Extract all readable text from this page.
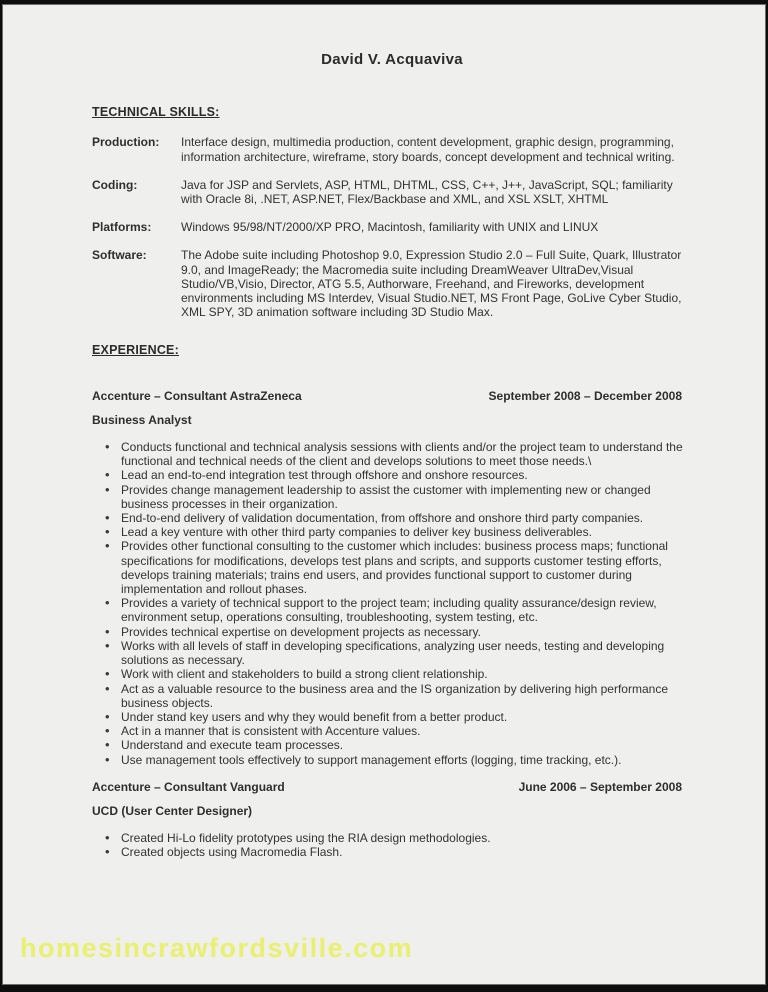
David V. Acquaviva
TECHNICAL SKILLS:
Production:	Interface design, multimedia production, content development, graphic design, programming, information architecture, wireframe, story boards, concept development and technical writing.
Coding:	Java for JSP and Servlets, ASP, HTML, DHTML, CSS, C++, J++, JavaScript, SQL; familiarity with Oracle 8i, .NET, ASP.NET, Flex/Backbase and XML, and XSL XSLT, XHTML
Platforms:	Windows 95/98/NT/2000/XP PRO, Macintosh, familiarity with UNIX and LINUX
Software:	The Adobe suite including Photoshop 9.0, Expression Studio 2.0 – Full Suite, Quark, Illustrator 9.0, and ImageReady; the Macromedia suite including DreamWeaver UltraDev,Visual Studio/VB,Visio, Director, ATG 5.5, Authorware, Freehand, and Fireworks, development environments including MS Interdev, Visual Studio.NET, MS Front Page, GoLive Cyber Studio, XML SPY, 3D animation software including 3D Studio Max.
EXPERIENCE:
Accenture – Consultant AstraZeneca	September 2008 – December 2008
Business Analyst
• Conducts functional and technical analysis sessions with clients and/or the project team to understand the functional and technical needs of the client and develops solutions to meet those needs.\
• Lead an end-to-end integration test through offshore and onshore resources.
• Provides change management leadership to assist the customer with implementing new or changed business processes in their organization.
• End-to-end delivery of validation documentation, from offshore and onshore third party companies.
• Lead a key venture with other third party companies to deliver key business deliverables.
• Provides other functional consulting to the customer which includes: business process maps; functional specifications for modifications, develops test plans and scripts, and supports customer testing efforts, develops training materials; trains end users, and provides functional support to customer during implementation and rollout phases.
• Provides a variety of technical support to the project team; including quality assurance/design review, environment setup, operations consulting, troubleshooting, system testing, etc.
• Provides technical expertise on development projects as necessary.
• Works with all levels of staff in developing specifications, analyzing user needs, testing and developing solutions as necessary.
• Work with client and stakeholders to build a strong client relationship.
• Act as a valuable resource to the business area and the IS organization by delivering high performance business objects.
• Under stand key users and why they would benefit from a better product.
• Act in a manner that is consistent with Accenture values.
• Understand and execute team processes.
• Use management tools effectively to support management efforts (logging, time tracking, etc.).
Accenture – Consultant Vanguard	June 2006 – September 2008
UCD (User Center Designer)
• Created Hi-Lo fidelity prototypes using the RIA design methodologies.
• Created objects using Macromedia Flash.
homesincrawfordsville.com
